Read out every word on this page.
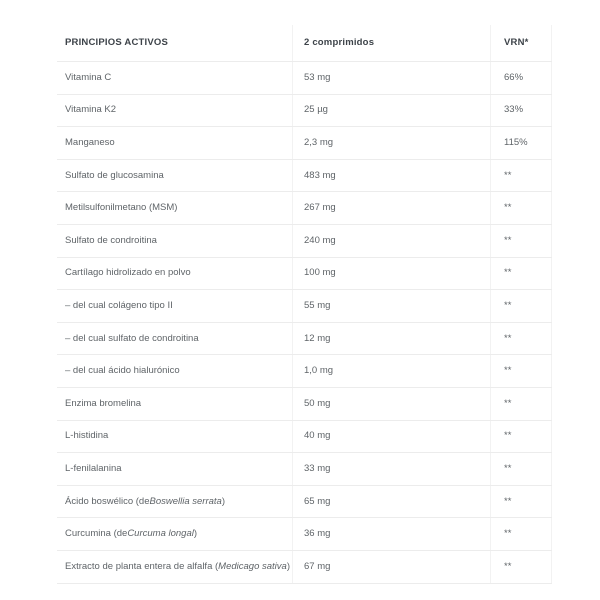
PRINCIPIOS ACTIVOS	2 comprimidos	VRN*
Vitamina C	53 mg	66%
Vitamina K2	25 µg	33%
Manganeso	2,3 mg	115%
Sulfato de glucosamina	483 mg	**
Metilsulfonilmetano (MSM)	267 mg	**
Sulfato de condroitina	240 mg	**
Cartílago hidrolizado en polvo	100 mg	**
– del cual colágeno tipo II	55 mg	**
– del cual sulfato de condroitina	12 mg	**
– del cual ácido hialurónico	1,0 mg	**
Enzima bromelina	50 mg	**
L-histidina	40 mg	**
L-fenilalanina	33 mg	**
Ácido boswélico (de Boswellia serrata )	65 mg	**
Curcumina (de Curcuma longal )	36 mg	**
Extracto de planta entera de alfalfa ( Medicago sativa )	67 mg	**
